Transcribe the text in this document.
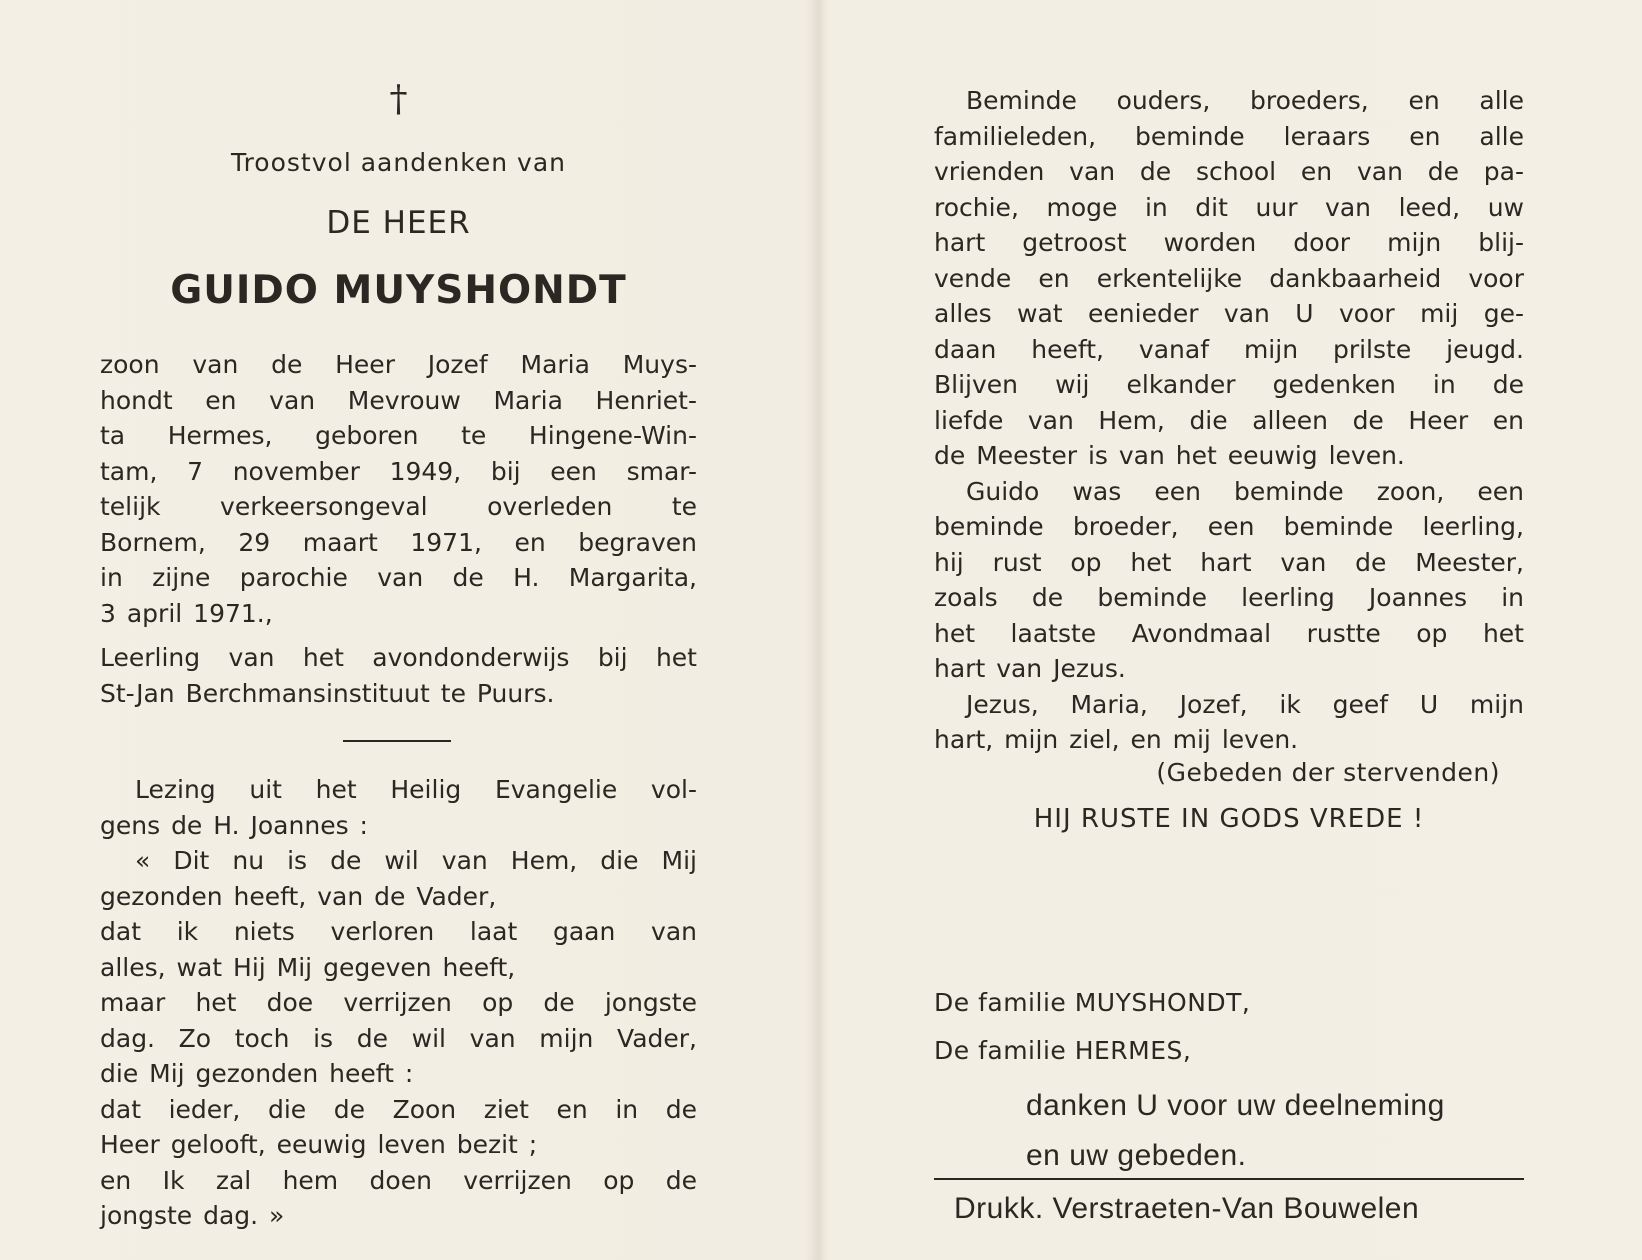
†
Troostvol aandenken van
DE HEER
GUIDO MUYSHONDT

zoon van de Heer Jozef Maria Muys-

hondt en van Mevrouw Maria Henriet-

ta Hermes, geboren te Hingene-Win-

tam, 7 november 1949, bij een smar-

telijk verkeersongeval overleden te

Bornem, 29 maart 1971, en begraven

in zijne parochie van de H. Margarita,

3 april 1971.,

Leerling van het avondonderwijs bij het

St-Jan Berchmansinstituut te Puurs.

Lezing uit het Heilig Evangelie vol-

gens de H. Joannes :

« Dit nu is de wil van Hem, die Mij

gezonden heeft, van de Vader,

dat ik niets verloren laat gaan van

alles, wat Hij Mij gegeven heeft,

maar het doe verrijzen op de jongste

dag. Zo toch is de wil van mijn Vader,

die Mij gezonden heeft :

dat ieder, die de Zoon ziet en in de

Heer gelooft, eeuwig leven bezit ;

en Ik zal hem doen verrijzen op de

jongste dag. »

Beminde ouders, broeders, en alle

familieleden, beminde leraars en alle

vrienden van de school en van de pa-

rochie, moge in dit uur van leed, uw

hart getroost worden door mijn blij-

vende en erkentelijke dankbaarheid voor

alles wat eenieder van U voor mij ge-

daan heeft, vanaf mijn prilste jeugd.

Blijven wij elkander gedenken in de

liefde van Hem, die alleen de Heer en

de Meester is van het eeuwig leven.

Guido was een beminde zoon, een

beminde broeder, een beminde leerling,

hij rust op het hart van de Meester,

zoals de beminde leerling Joannes in

het laatste Avondmaal rustte op het

hart van Jezus.

Jezus, Maria, Jozef, ik geef U mijn

hart, mijn ziel, en mij leven.

(Gebeden der stervenden)
HIJ RUSTE IN GODS VREDE !
De familie MUYSHONDT,
De familie HERMES,
danken U voor uw deelneming
en uw gebeden.
Drukk. Verstraeten-Van Bouwelen
